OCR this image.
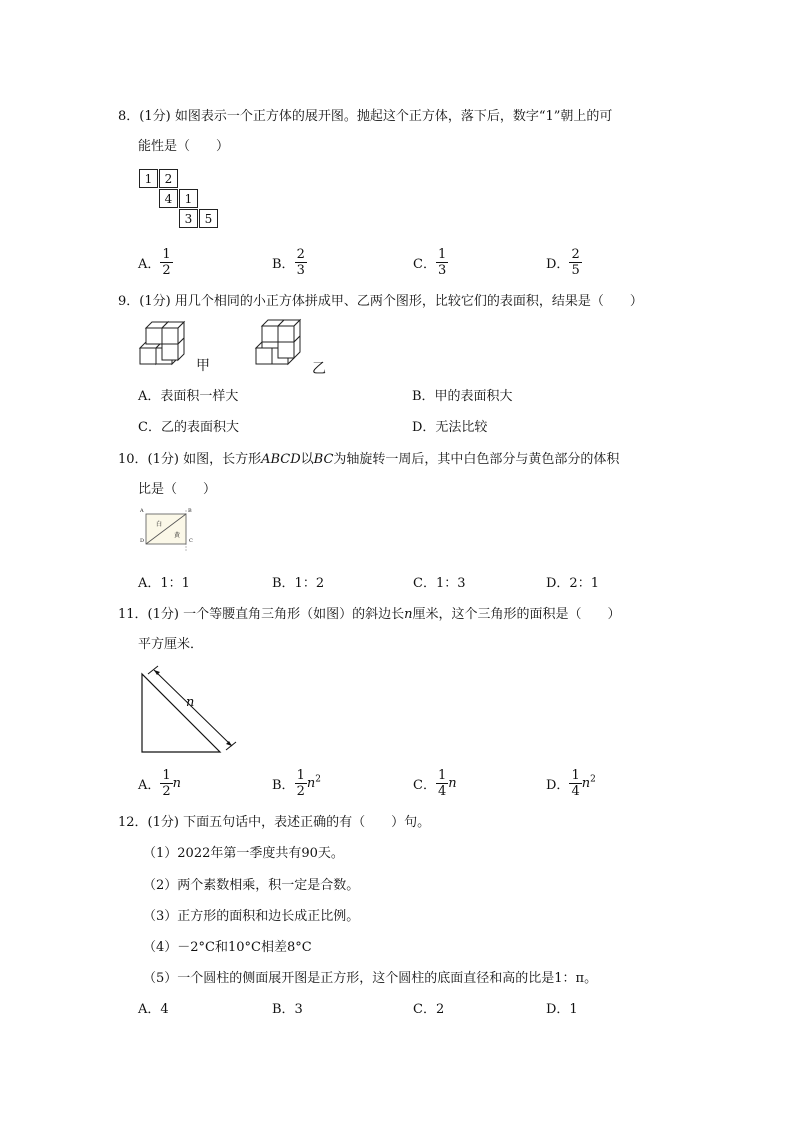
8．(1分) 如图表示一个正方体的展开图。抛起这个正方体，落下后，数字“1”朝上的可
能性是（　　）
1	2
4	1
3	5
A． $\frac{1}{2}$	B． $\frac{2}{3}$	C． $\frac{1}{3}$	D． $\frac{2}{5}$
9．(1分) 用几个相同的小正方体拼成甲、乙两个图形，比较它们的表面积，结果是（　　）
甲	乙
A．表面积一样大	B．甲的表面积大
C．乙的表面积大	D．无法比较
10．(1分) 如图，长方形ABCD以BC为轴旋转一周后，其中白色部分与黄色部分的体积
比是（　　）
A	B
C
D
白
黄
A．1：1	B．1：2	C．1：3	D．2：1
11．(1分) 一个等腰直角三角形（如图）的斜边长n厘米，这个三角形的面积是（　　）
平方厘米．
n
A． $\frac{1}{2}$ n	B． $\frac{1}{2} n^2$	C． $\frac{1}{4}$ n	D． $\frac{1}{4} n^2$
12．(1分) 下面五句话中，表述正确的有（　　）句。
（1）2022年第一季度共有90天。
（2）两个素数相乘，积一定是合数。
（3）正方形的面积和边长成正比例。
（4）－2°C和10°C相差8°C
（5）一个圆柱的侧面展开图是正方形，这个圆柱的底面直径和高的比是1：π。
A．4	B．3	C．2	D．1
